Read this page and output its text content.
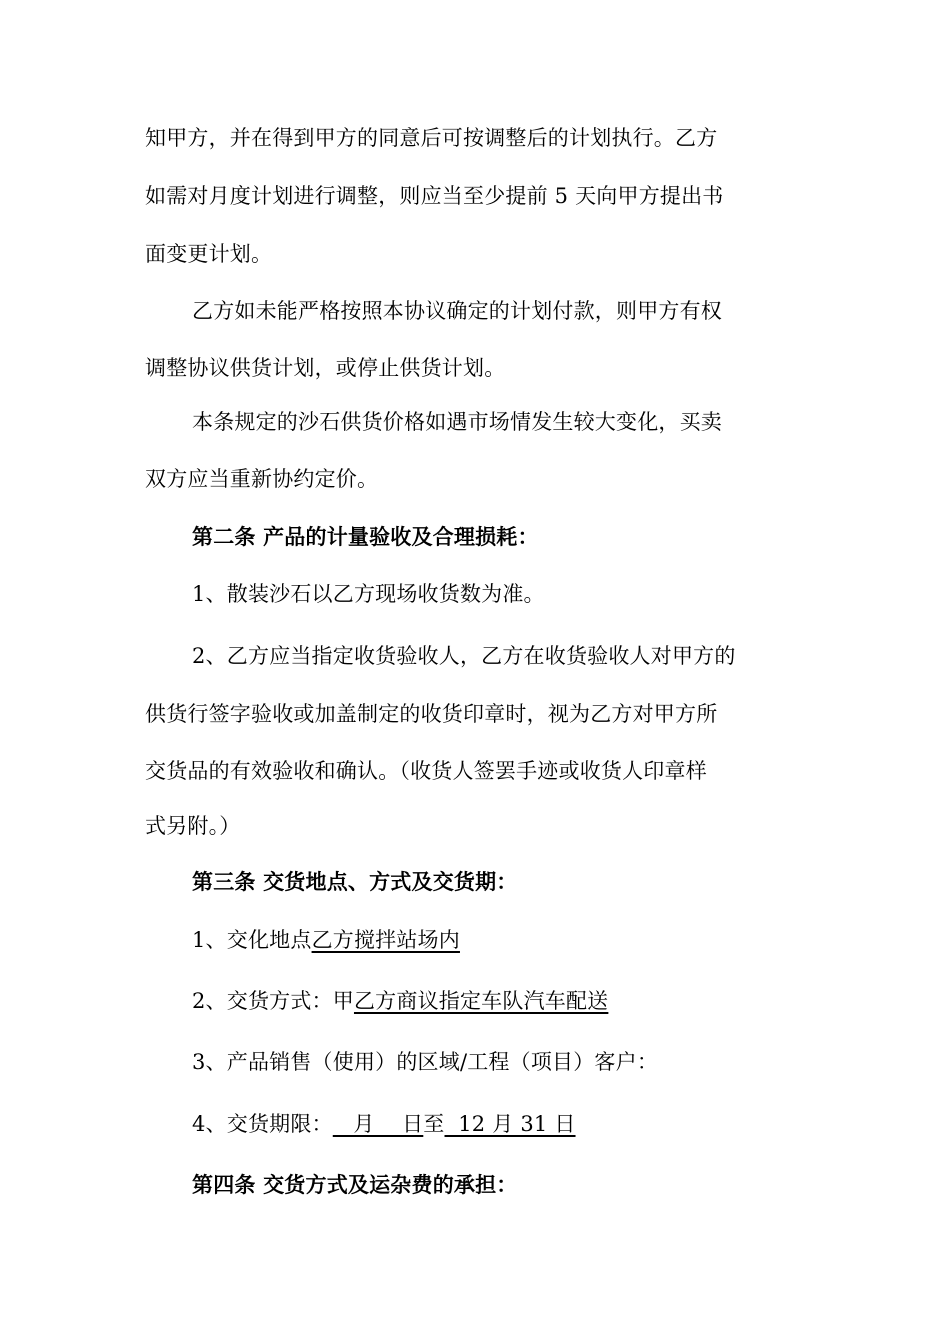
知甲方，并在得到甲方的同意后可按调整后的计划执行。乙方
如需对月度计划进行调整，则应当至少提前 5 天向甲方提出书
面变更计划。
乙方如未能严格按照本协议确定的计划付款，则甲方有权
调整协议供货计划，或停止供货计划。
本条规定的沙石供货价格如遇市场情发生较大变化，买卖
双方应当重新协约定价。
第二条 产品的计量验收及合理损耗：
1、散装沙石以乙方现场收货数为准。
2、乙方应当指定收货验收人，乙方在收货验收人对甲方的
供货行签字验收或加盖制定的收货印章时，视为乙方对甲方所
交货品的有效验收和确认。（收货人签罢手迹或收货人印章样
式另附。）
第三条 交货地点、方式及交货期：
1、交化地点乙方搅拌站场内
2、交货方式：甲乙方商议指定车队汽车配送
3、产品销售（使用）的区域/工程（项目）客户：
4、交货期限：   月    日至  12 月 31 日
第四条 交货方式及运杂费的承担：
